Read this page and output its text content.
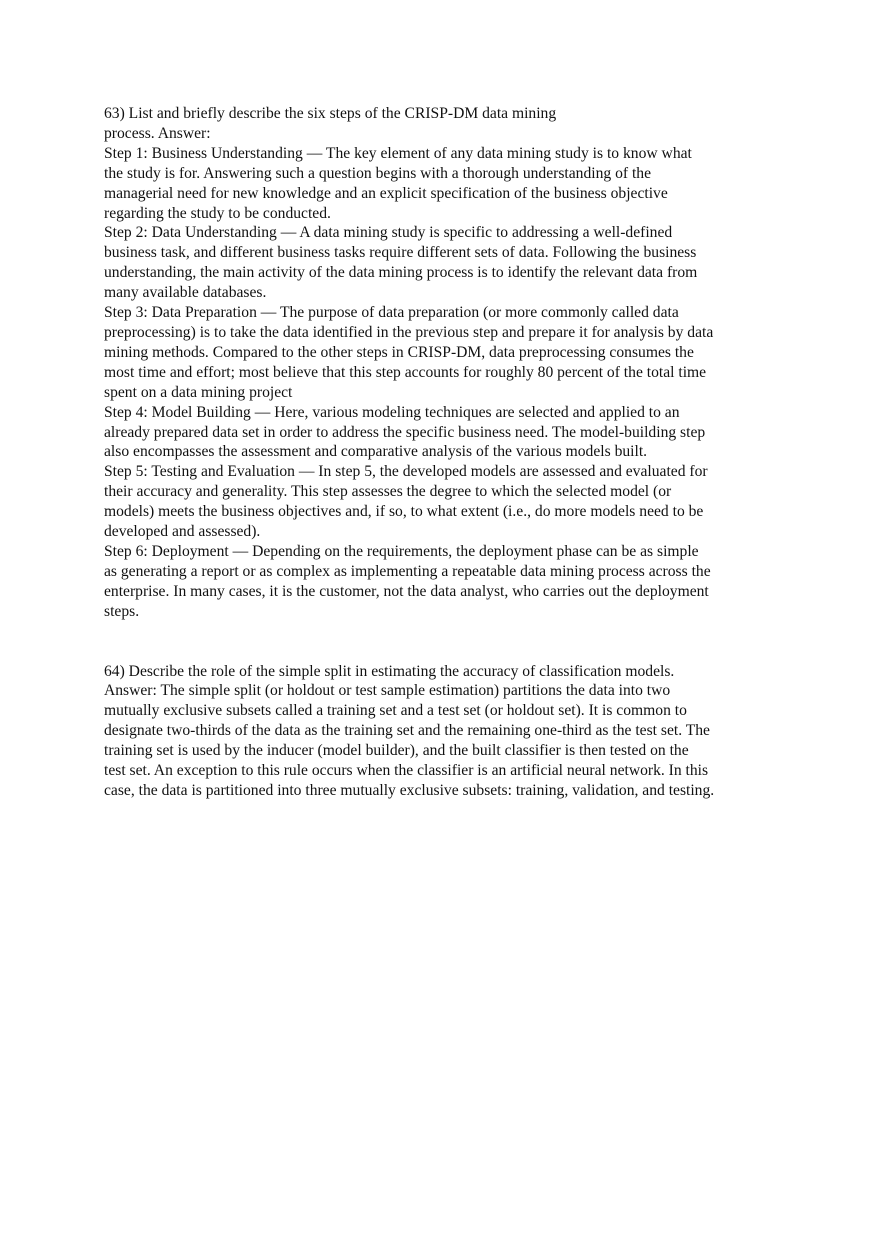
63) List and briefly describe the six steps of the CRISP-DM data mining
process. Answer:
Step 1: Business Understanding — The key element of any data mining study is to know what
the study is for. Answering such a question begins with a thorough understanding of the
managerial need for new knowledge and an explicit specification of the business objective
regarding the study to be conducted.
Step 2: Data Understanding — A data mining study is specific to addressing a well-defined
business task, and different business tasks require different sets of data. Following the business
understanding, the main activity of the data mining process is to identify the relevant data from
many available databases.
Step 3: Data Preparation — The purpose of data preparation (or more commonly called data
preprocessing) is to take the data identified in the previous step and prepare it for analysis by data
mining methods. Compared to the other steps in CRISP-DM, data preprocessing consumes the
most time and effort; most believe that this step accounts for roughly 80 percent of the total time
spent on a data mining project
Step 4: Model Building — Here, various modeling techniques are selected and applied to an
already prepared data set in order to address the specific business need. The model-building step
also encompasses the assessment and comparative analysis of the various models built.
Step 5: Testing and Evaluation — In step 5, the developed models are assessed and evaluated for
their accuracy and generality. This step assesses the degree to which the selected model (or
models) meets the business objectives and, if so, to what extent (i.e., do more models need to be
developed and assessed).
Step 6: Deployment — Depending on the requirements, the deployment phase can be as simple
as generating a report or as complex as implementing a repeatable data mining process across the
enterprise. In many cases, it is the customer, not the data analyst, who carries out the deployment
steps.
64) Describe the role of the simple split in estimating the accuracy of classification models.
Answer: The simple split (or holdout or test sample estimation) partitions the data into two
mutually exclusive subsets called a training set and a test set (or holdout set). It is common to
designate two-thirds of the data as the training set and the remaining one-third as the test set. The
training set is used by the inducer (model builder), and the built classifier is then tested on the
test set. An exception to this rule occurs when the classifier is an artificial neural network. In this
case, the data is partitioned into three mutually exclusive subsets: training, validation, and testing.
